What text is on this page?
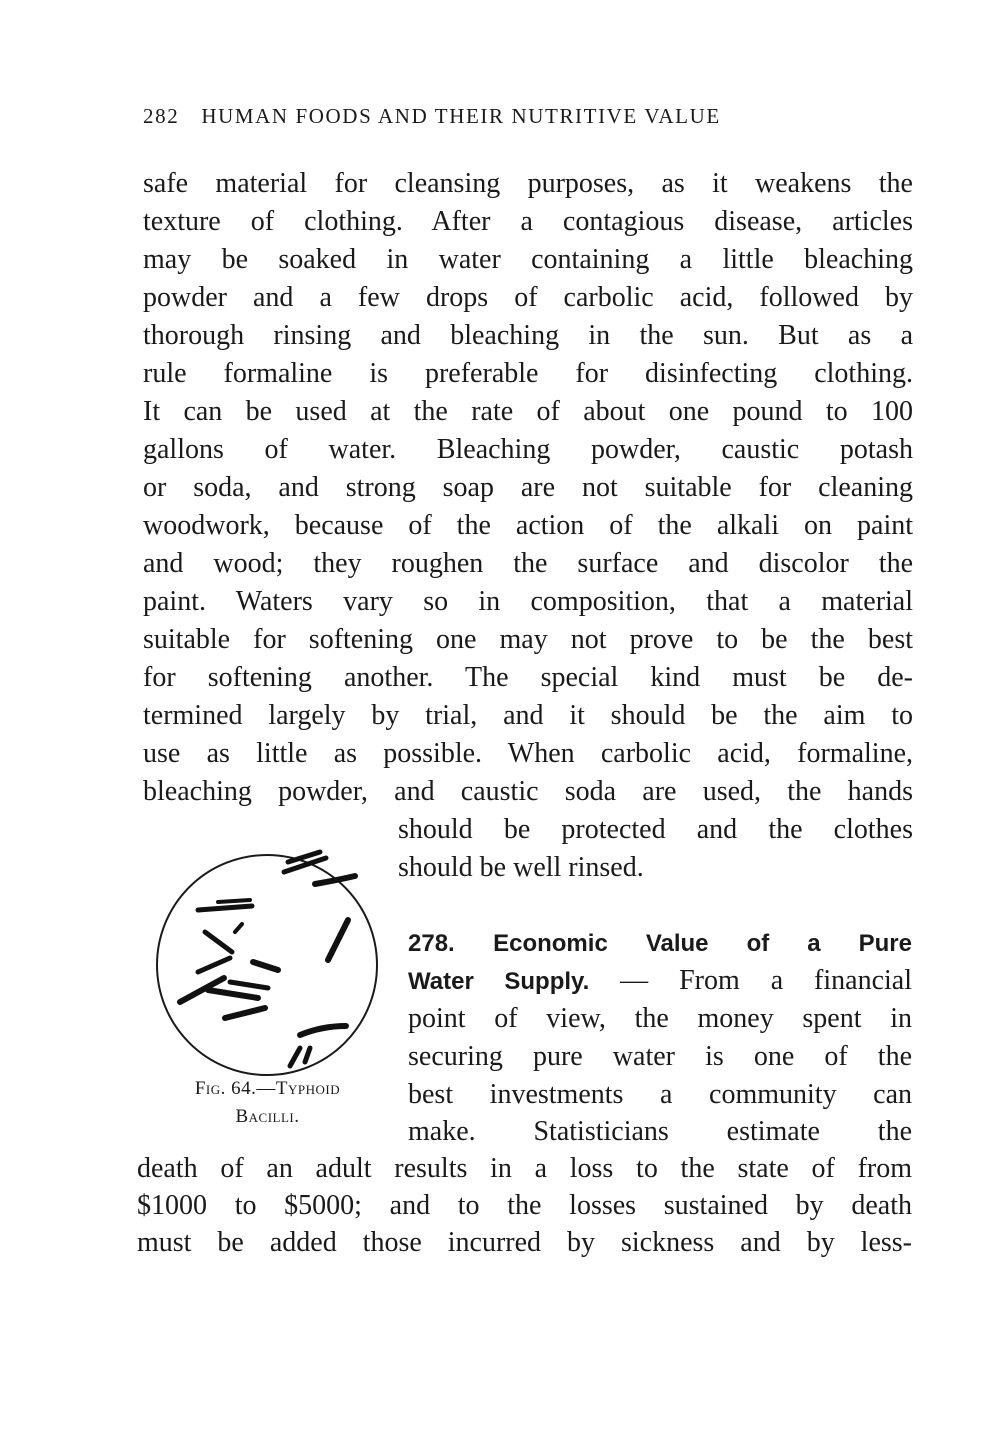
282 HUMAN FOODS AND THEIR NUTRITIVE VALUE
safe material for cleansing purposes, as it weakens the
texture of clothing. After a contagious disease, articles
may be soaked in water containing a little bleaching
powder and a few drops of carbolic acid, followed by
thorough rinsing and bleaching in the sun. But as a
rule formaline is preferable for disinfecting clothing.
It can be used at the rate of about one pound to 100
gallons of water. Bleaching powder, caustic potash
or soda, and strong soap are not suitable for cleaning
woodwork, because of the action of the alkali on paint
and wood; they roughen the surface and discolor the
paint. Waters vary so in composition, that a material
suitable for softening one may not prove to be the best
for softening another. The special kind must be de-
termined largely by trial, and it should be the aim to
use as little as possible. When carbolic acid, formaline,
bleaching powder, and caustic soda are used, the hands
should be protected and the clothes
should be well rinsed.
278. Economic Value of a Pure
Water Supply. — From a financial
point of view, the money spent in
securing pure water is one of the
best investments a community can
make. Statisticians estimate the
death of an adult results in a loss to the state of from
$1000 to $5000; and to the losses sustained by death
must be added those incurred by sickness and by less-
Fig. 64.—Typhoid
Bacilli.
